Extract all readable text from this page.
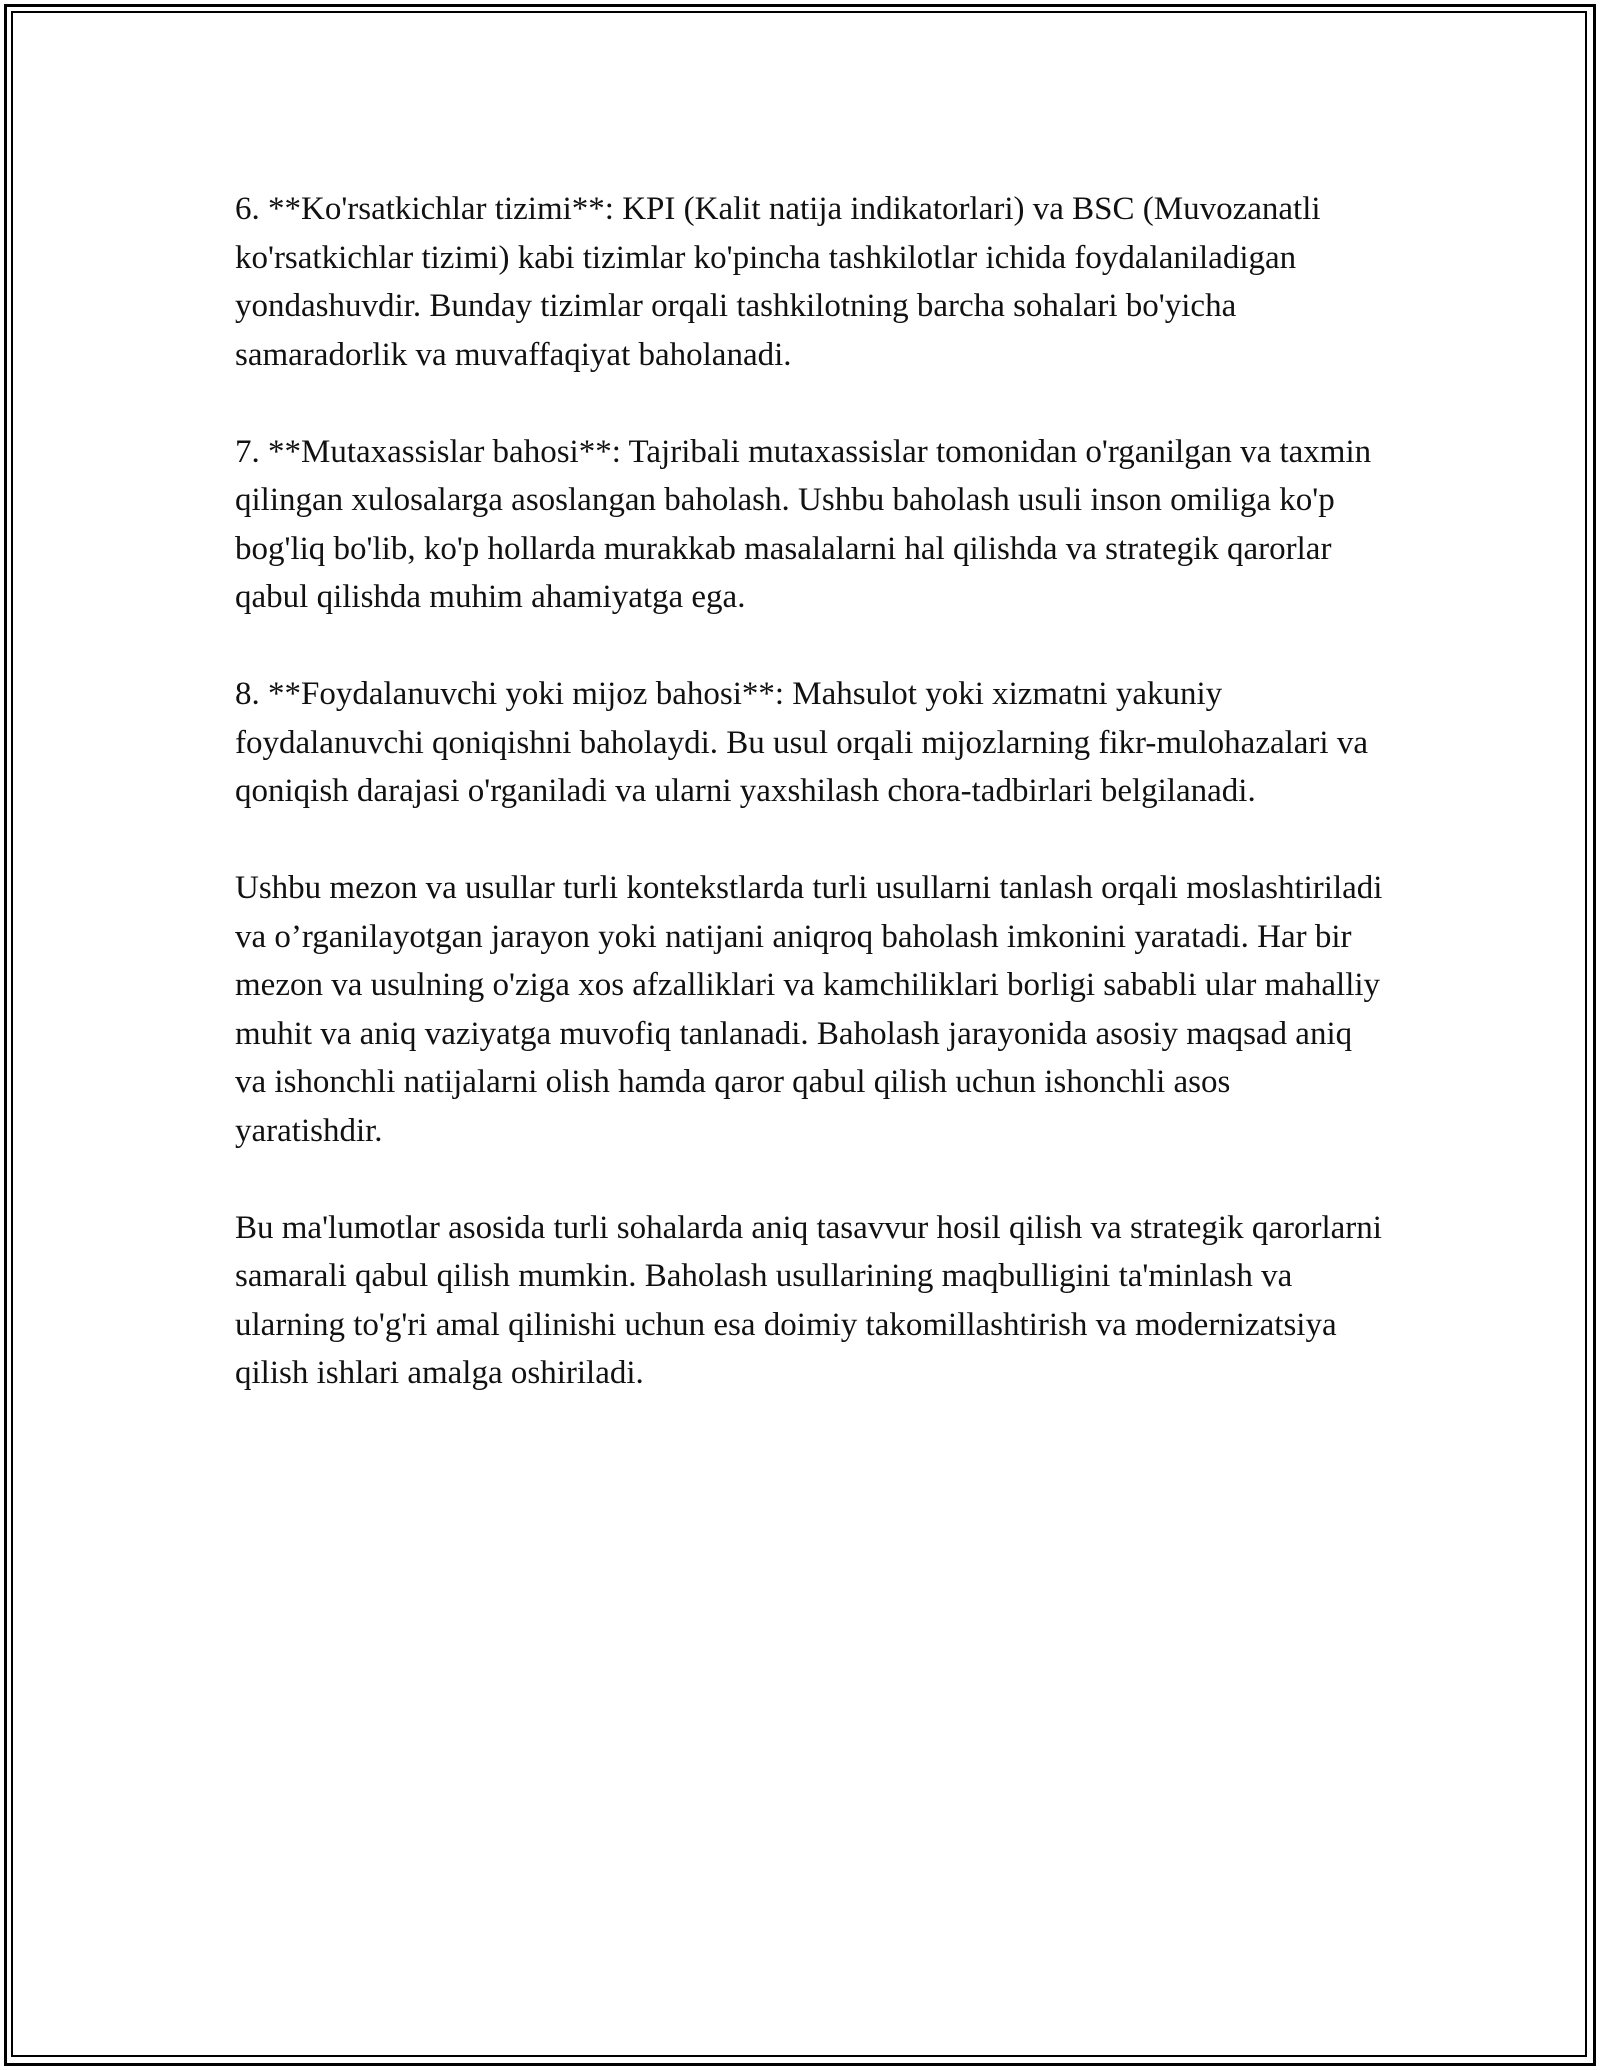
6. **Ko'rsatkichlar tizimi**: KPI (Kalit natija indikatorlari) va BSC (Muvozanatli ko'rsatkichlar tizimi) kabi tizimlar ko'pincha tashkilotlar ichida foydalaniladigan yondashuvdir. Bunday tizimlar orqali tashkilotning barcha sohalari bo'yicha samaradorlik va muvaffaqiyat baholanadi.

7. **Mutaxassislar bahosi**: Tajribali mutaxassislar tomonidan o'rganilgan va taxmin qilingan xulosalarga asoslangan baholash. Ushbu baholash usuli inson omiliga ko'p bog'liq bo'lib, ko'p hollarda murakkab masalalarni hal qilishda va strategik qarorlar qabul qilishda muhim ahamiyatga ega.

8. **Foydalanuvchi yoki mijoz bahosi**: Mahsulot yoki xizmatni yakuniy foydalanuvchi qoniqishni baholaydi. Bu usul orqali mijozlarning fikr-mulohazalari va qoniqish darajasi o'rganiladi va ularni yaxshilash chora-tadbirlari belgilanadi.

Ushbu mezon va usullar turli kontekstlarda turli usullarni tanlash orqali moslashtiriladi va o’rganilayotgan jarayon yoki natijani aniqroq baholash imkonini yaratadi. Har bir mezon va usulning o'ziga xos afzalliklari va kamchiliklari borligi sababli ular mahalliy muhit va aniq vaziyatga muvofiq tanlanadi. Baholash jarayonida asosiy maqsad aniq va ishonchli natijalarni olish hamda qaror qabul qilish uchun ishonchli asos yaratishdir.

Bu ma'lumotlar asosida turli sohalarda aniq tasavvur hosil qilish va strategik qarorlarni samarali qabul qilish mumkin. Baholash usullarining maqbulligini ta'minlash va ularning to'g'ri amal qilinishi uchun esa doimiy takomillashtirish va modernizatsiya qilish ishlari amalga oshiriladi.
